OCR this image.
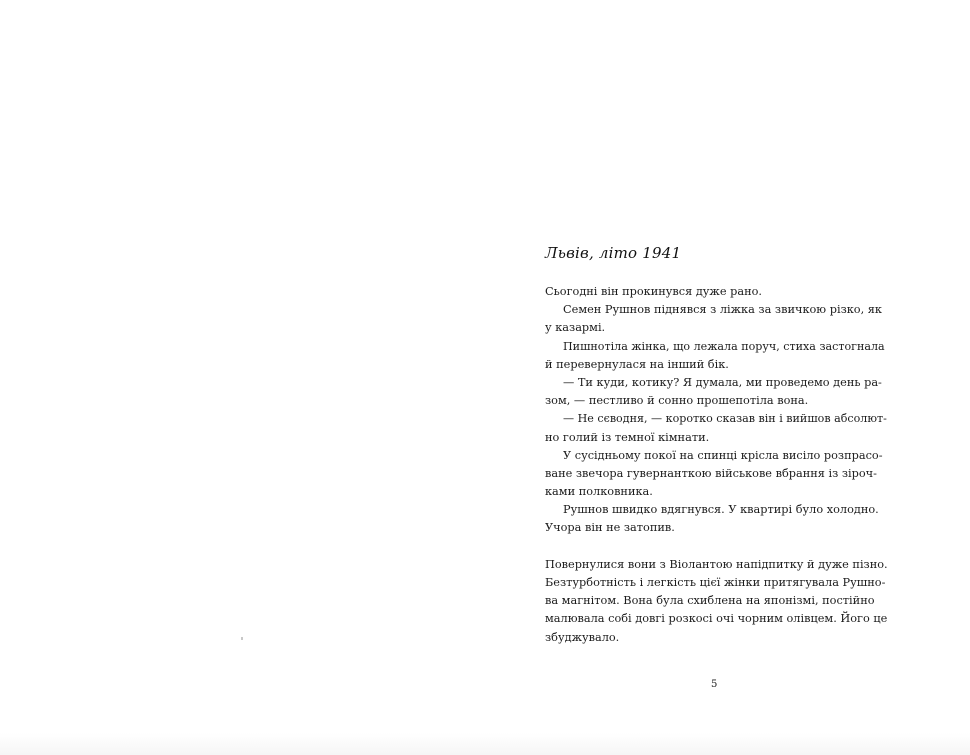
Львів, літо 1941
Сьогодні він прокинувся дуже рано.
Семен Рушнов піднявся з ліжка за звичкою різко, як
у казармі.
Пишнотіла жінка, що лежала поруч, стиха застогнала
й перевернулася на інший бік.
— Ти куди, котику? Я думала, ми проведемо день ра-
зом, — пестливо й сонно прошепотіла вона.
— Не сєводня, — коротко сказав він і вийшов абсолют-
но голий із темної кімнати.
У сусідньому покої на спинці крісла висіло розпрасо-
ване звечора гувернанткою військове вбрання із зіроч-
ками полковника.
Рушнов швидко вдягнувся. У квартирі було холодно.
Учора він не затопив.
Повернулися вони з Віолантою напідпитку й дуже пізно.
Безтурботність і легкість цієї жінки притягувала Рушно-
ва магнітом. Вона була схиблена на японізмі, постійно
малювала собі довгі розкосі очі чорним олівцем. Його це
збуджувало.
5
